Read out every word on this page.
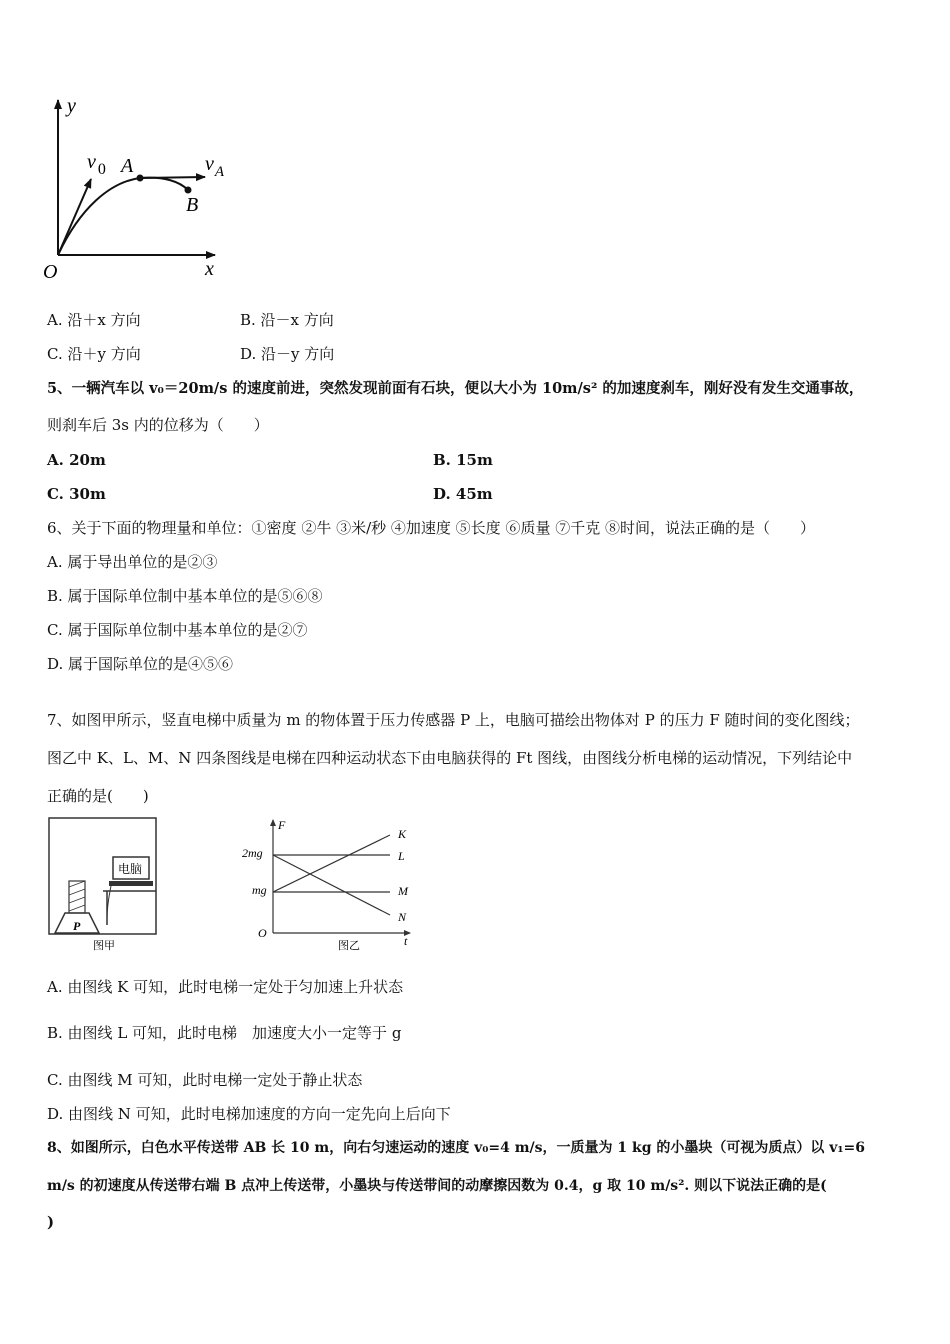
y
x
O
v $_0$ A	$v_A$
B
A. 沿＋x 方向	B. 沿－x 方向
C. 沿＋y 方向	D. 沿－y 方向
5、一辆汽车以 v₀＝20m/s 的速度前进，突然发现前面有石块，便以大小为 10m/s² 的加速度刹车，刚好没有发生交通事故，
则刹车后 3s 内的位移为（　　）
A. 20m	B. 15m
C. 30m	D. 45m
6、关于下面的物理量和单位：①密度 ②牛 ③米/秒 ④加速度 ⑤长度 ⑥质量 ⑦千克 ⑧时间，说法正确的是（　　）
A. 属于导出单位的是②③
B. 属于国际单位制中基本单位的是⑤⑥⑧
C. 属于国际单位制中基本单位的是②⑦
D. 属于国际单位的是④⑤⑥
7、如图甲所示，竖直电梯中质量为 m 的物体置于压力传感器 P 上，电脑可描绘出物体对 P 的压力 F 随时间的变化图线；
图乙中 K、L、M、N 四条图线是电梯在四种运动状态下由电脑获得的 Ft 图线，由图线分析电梯的运动情况，下列结论中
正确的是(　　)
电脑
P
图甲
F
t
O
2mg
mg
K
L
M
N
图乙
A. 由图线 K 可知，此时电梯一定处于匀加速上升状态
B. 由图线 L 可知，此时电梯　加速度大小一定等于 g
C. 由图线 M 可知，此时电梯一定处于静止状态
D. 由图线 N 可知，此时电梯加速度的方向一定先向上后向下
8、如图所示，白色水平传送带 AB 长 10 m，向右匀速运动的速度 v₀=4 m/s，一质量为 1 kg 的小墨块（可视为质点）以 v₁=6
m/s 的初速度从传送带右端 B 点冲上传送带，小墨块与传送带间的动摩擦因数为 0.4，g 取 10 m/s². 则以下说法正确的是(
)
